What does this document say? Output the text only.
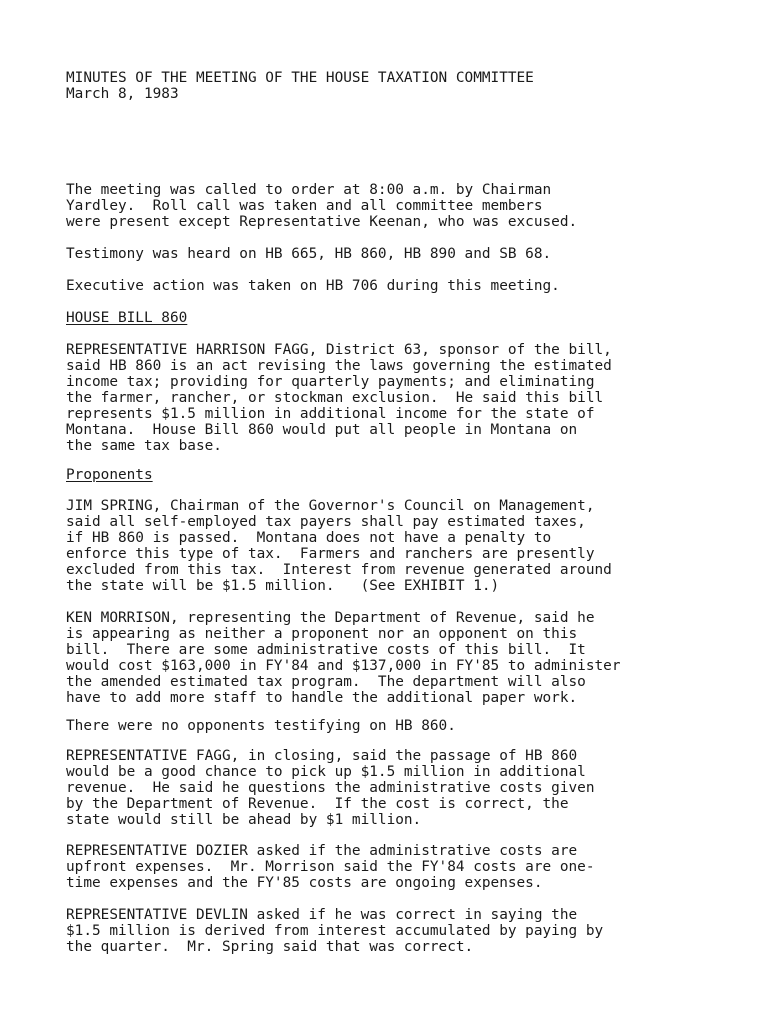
MINUTES OF THE MEETING OF THE HOUSE TAXATION COMMITTEE
March 8, 1983
The meeting was called to order at 8:00 a.m. by Chairman
Yardley.  Roll call was taken and all committee members
were present except Representative Keenan, who was excused.
Testimony was heard on HB 665, HB 860, HB 890 and SB 68.
Executive action was taken on HB 706 during this meeting.
HOUSE BILL 860
REPRESENTATIVE HARRISON FAGG, District 63, sponsor of the bill,
said HB 860 is an act revising the laws governing the estimated
income tax; providing for quarterly payments; and eliminating
the farmer, rancher, or stockman exclusion.  He said this bill
represents $1.5 million in additional income for the state of
Montana.  House Bill 860 would put all people in Montana on
the same tax base.
Proponents
JIM SPRING, Chairman of the Governor's Council on Management,
said all self-employed tax payers shall pay estimated taxes,
if HB 860 is passed.  Montana does not have a penalty to
enforce this type of tax.  Farmers and ranchers are presently
excluded from this tax.  Interest from revenue generated around
the state will be $1.5 million.   (See EXHIBIT 1.)
KEN MORRISON, representing the Department of Revenue, said he
is appearing as neither a proponent nor an opponent on this
bill.  There are some administrative costs of this bill.  It
would cost $163,000 in FY'84 and $137,000 in FY'85 to administer
the amended estimated tax program.  The department will also
have to add more staff to handle the additional paper work.
There were no opponents testifying on HB 860.
REPRESENTATIVE FAGG, in closing, said the passage of HB 860
would be a good chance to pick up $1.5 million in additional
revenue.  He said he questions the administrative costs given
by the Department of Revenue.  If the cost is correct, the
state would still be ahead by $1 million.
REPRESENTATIVE DOZIER asked if the administrative costs are
upfront expenses.  Mr. Morrison said the FY'84 costs are one-
time expenses and the FY'85 costs are ongoing expenses.
REPRESENTATIVE DEVLIN asked if he was correct in saying the
$1.5 million is derived from interest accumulated by paying by
the quarter.  Mr. Spring said that was correct.
